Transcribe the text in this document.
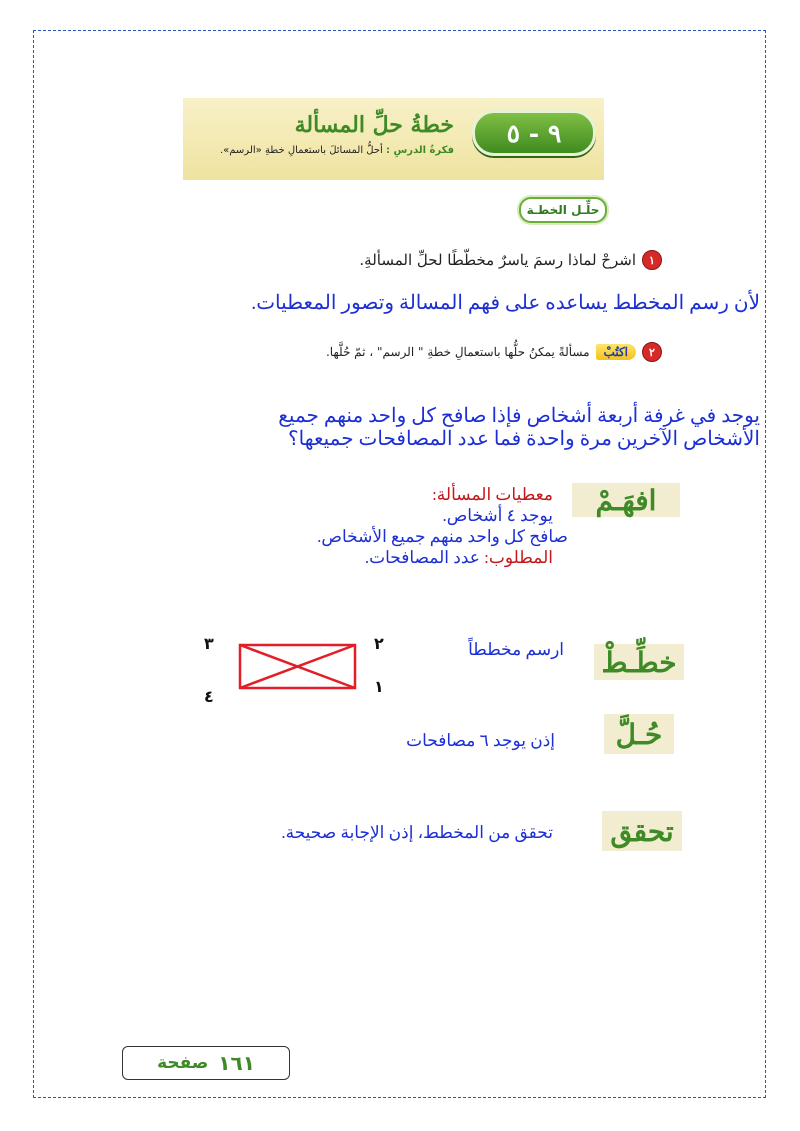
٩ - ٥
خطةُ حلِّ المسألة
فكرةُ الدرسِ : أحلُّ المسائلَ باستعمالِ خطةِ «الرسم».
حلِّـل الخطـة
١
اشرحْ لماذا رسمَ ياسرٌ مخطّطًا لحلِّ المسألةِ.
لأن رسم المخطط يساعده على فهم المسالة وتصور المعطيات.
٢
اكتُبْ
مسألةً يمكنُ حلُّها باستعمالِ خطةِ " الرسم" ، ثمّ حُلَّها.
يوجد في غرفة أربعة أشخاص فإذا صافح كل واحد منهم جميع
الأشخاص الآخرين مرة واحدة فما عدد المصافحات جميعها؟
افهَـمْ
معطيات المسألة:
يوجد ٤ أشخاص.
صافح كل واحد منهم جميع الأشخاص.
المطلوب: عدد المصافحات.
خطِّـطْ
ارسم مخططاً
٢
١
٣
٤
حُـلَّ
إذن يوجد ٦ مصافحات
تحقق
تحقق من المخطط، إذن الإجابة صحيحة.
صفحة ١٦١
